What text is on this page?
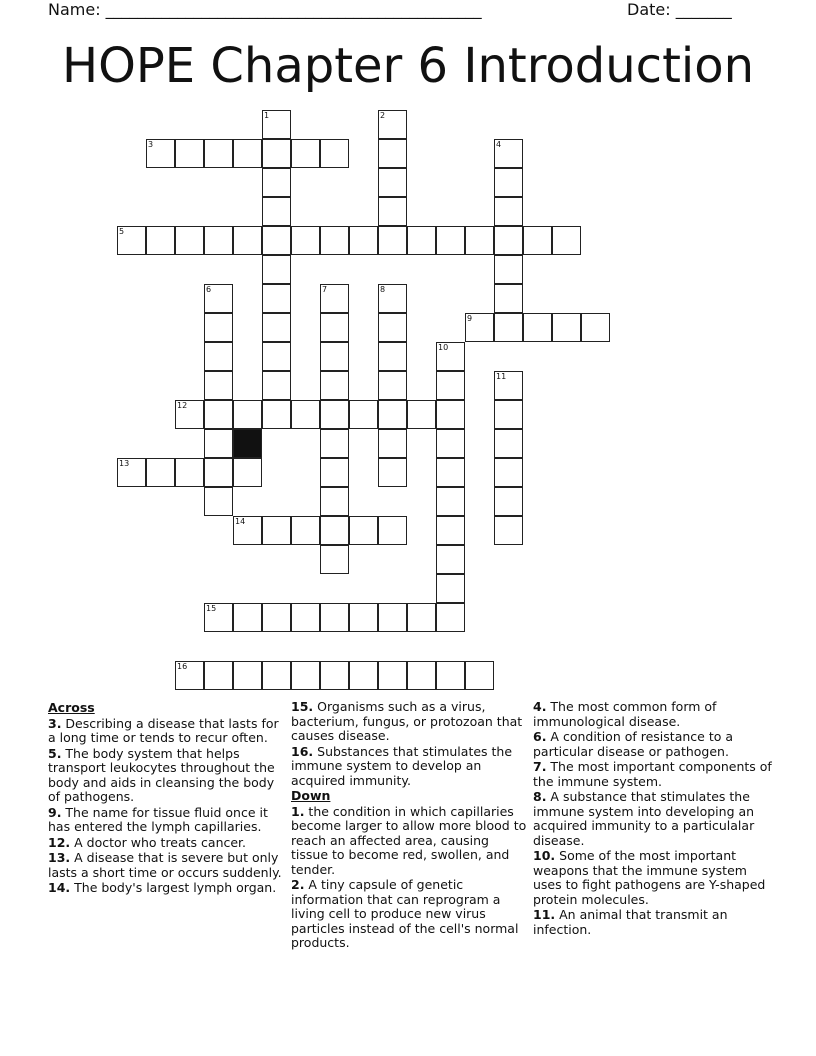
Name: _______________________________________________	Date: _______
HOPE Chapter 6 Introduction
1	2
3	4
5
6	7	8
9
10
11
12
13
14
15
16
Across
3. Describing a disease that lasts for a long time or tends to recur often.
5. The body system that helps transport leukocytes throughout the body and aids in cleansing the body of pathogens.
9. The name for tissue fluid once it has entered the lymph capillaries.
12. A doctor who treats cancer.
13. A disease that is severe but only lasts a short time or occurs suddenly.
14. The body's largest lymph organ.
15. Organisms such as a virus, bacterium, fungus, or protozoan that causes disease.
16. Substances that stimulates the immune system to develop an acquired immunity.
Down
1. the condition in which capillaries become larger to allow more blood to reach an affected area, causing tissue to become red, swollen, and tender.
2. A tiny capsule of genetic information that can reprogram a living cell to produce new virus particles instead of the cell's normal products.
4. The most common form of immunological disease.
6. A condition of resistance to a particular disease or pathogen.
7. The most important components of the immune system.
8. A substance that stimulates the immune system into developing an acquired immunity to a particulalar disease.
10. Some of the most important weapons that the immune system uses to fight pathogens are Y-shaped protein molecules.
11. An animal that transmit an infection.
